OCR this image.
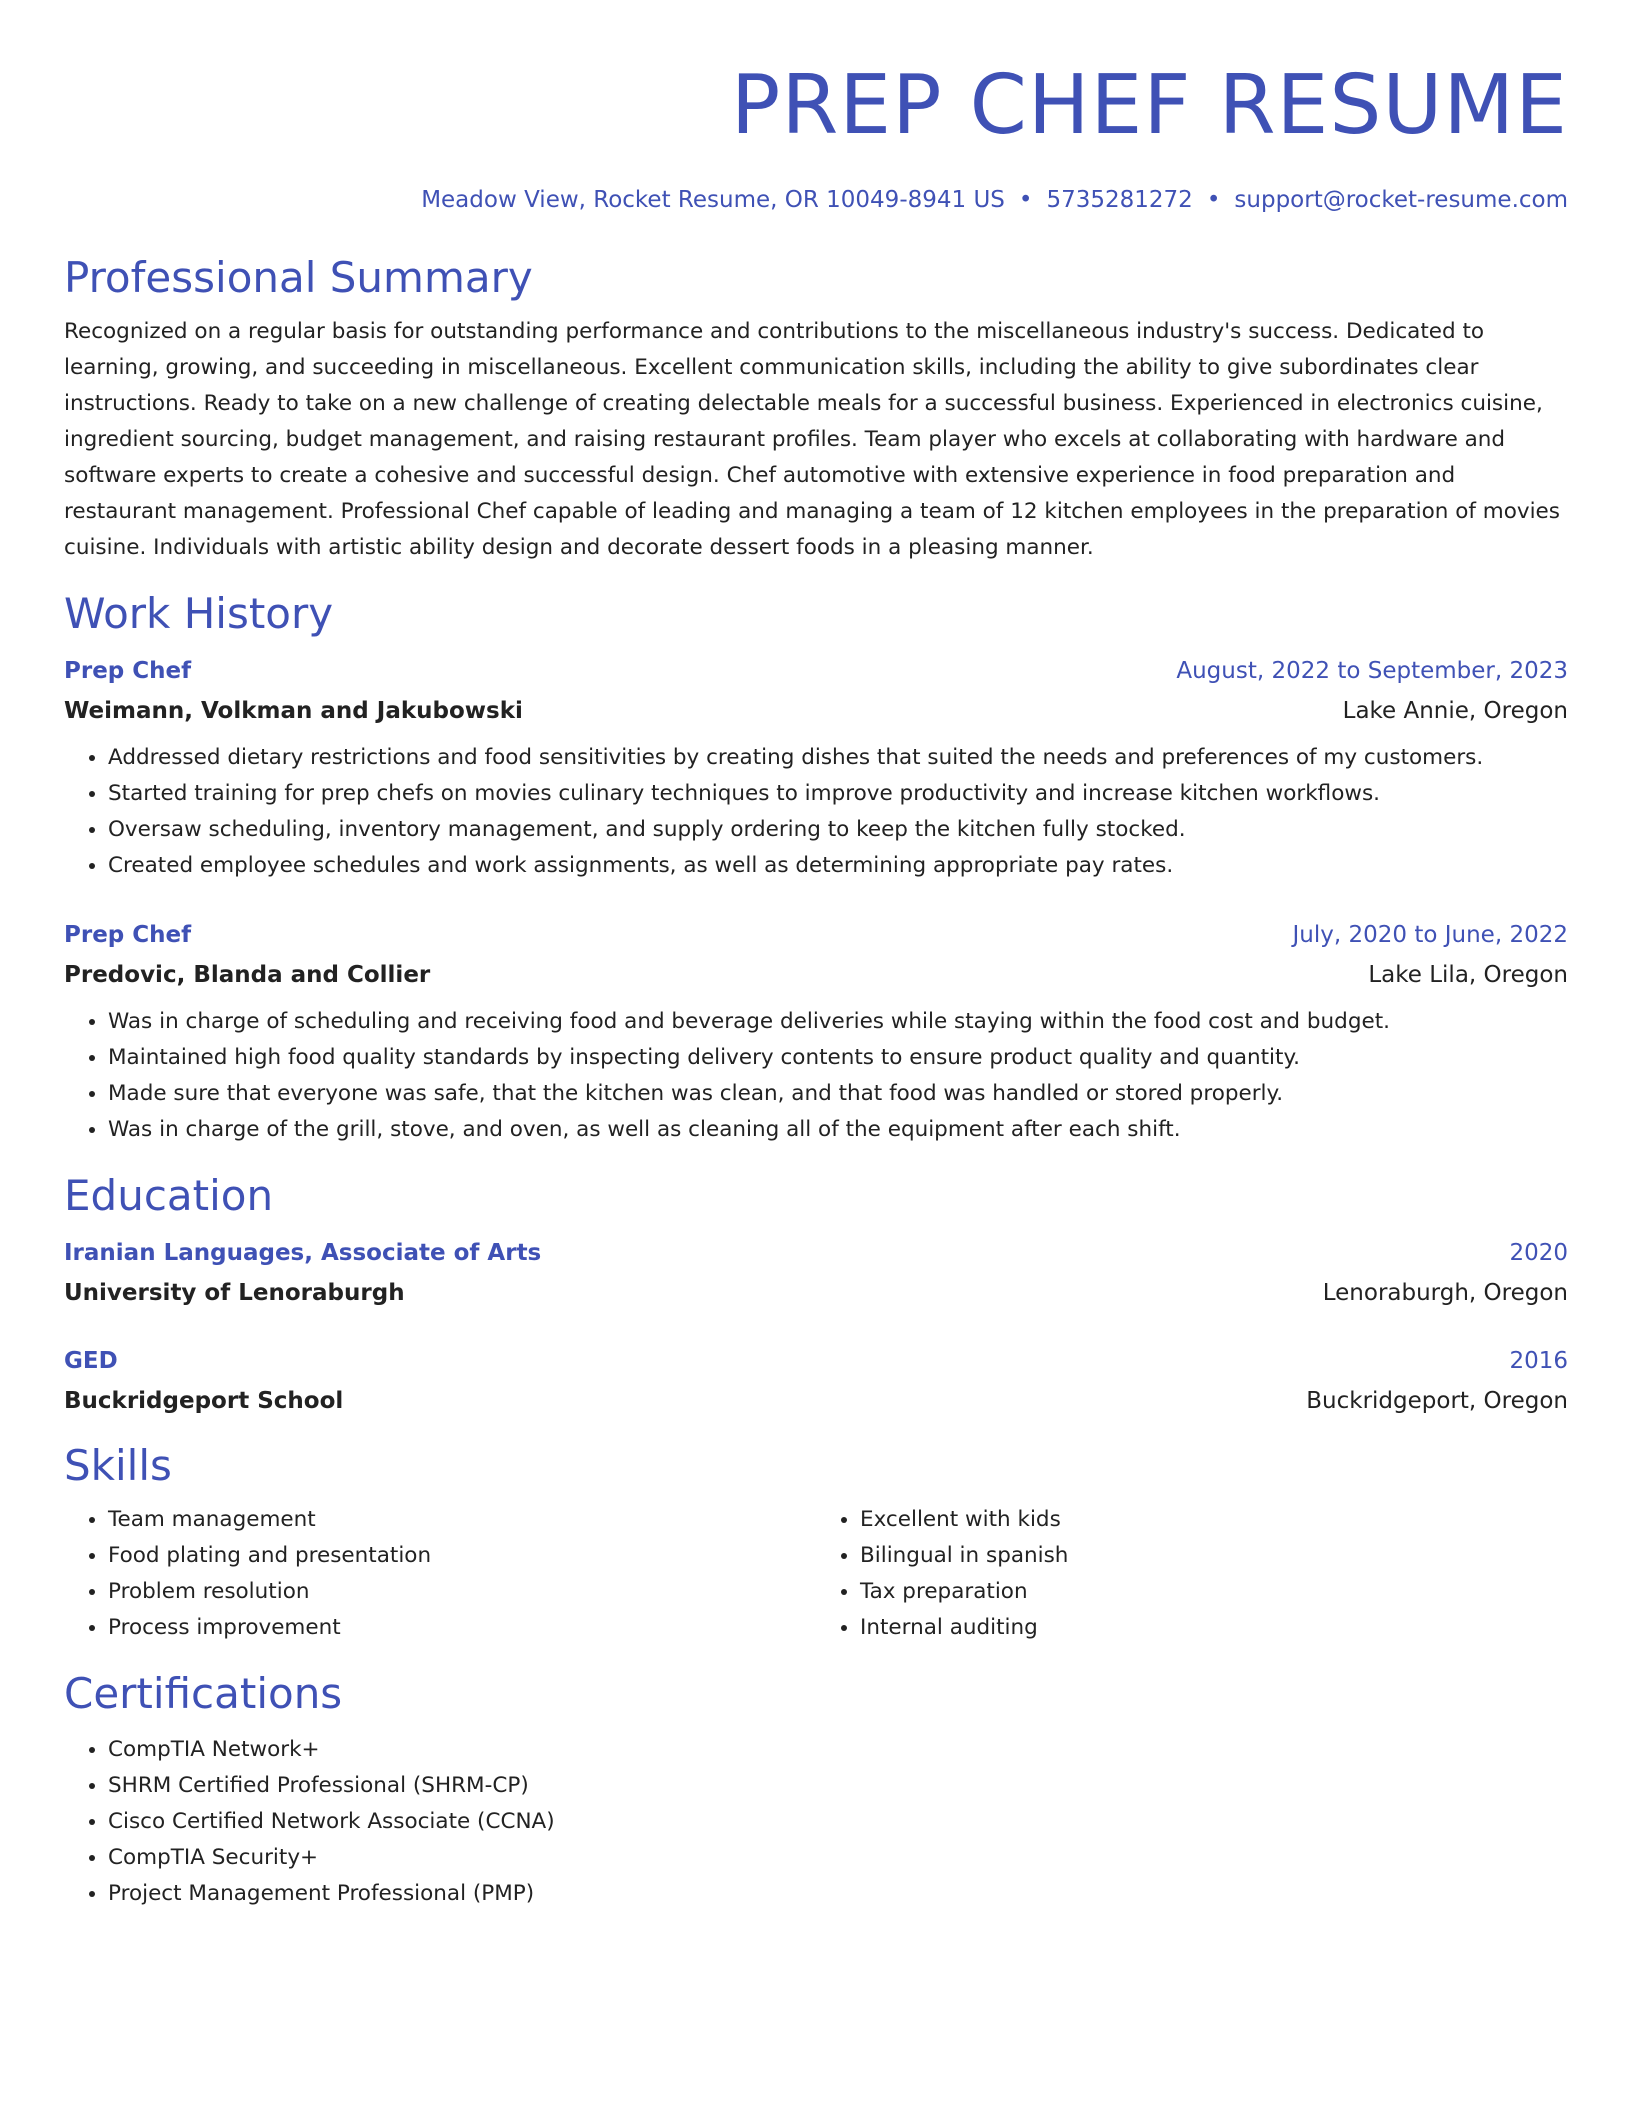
PREP CHEF RESUME
Meadow View, Rocket Resume, OR 10049-8941 US • 5735281272 • support@rocket-resume.com
Professional Summary

Recognized on a regular basis for outstanding performance and contributions to the miscellaneous industry's success. Dedicated to learning, growing, and succeeding in miscellaneous. Excellent communication skills, including the ability to give subordinates clear instructions. Ready to take on a new challenge of creating delectable meals for a successful business. Experienced in electronics cuisine, ingredient sourcing, budget management, and raising restaurant profiles. Team player who excels at collaborating with hardware and software experts to create a cohesive and successful design. Chef automotive with extensive experience in food preparation and restaurant management. Professional Chef capable of leading and managing a team of 12 kitchen employees in the preparation of movies cuisine. Individuals with artistic ability design and decorate dessert foods in a pleasing manner.

Work History
Prep Chef	August, 2022 to September, 2023
Weimann, Volkman and Jakubowski	Lake Annie, Oregon
• Addressed dietary restrictions and food sensitivities by creating dishes that suited the needs and preferences of my customers.
• Started training for prep chefs on movies culinary techniques to improve productivity and increase kitchen workflows.
• Oversaw scheduling, inventory management, and supply ordering to keep the kitchen fully stocked.
• Created employee schedules and work assignments, as well as determining appropriate pay rates.
Prep Chef	July, 2020 to June, 2022
Predovic, Blanda and Collier	Lake Lila, Oregon
• Was in charge of scheduling and receiving food and beverage deliveries while staying within the food cost and budget.
• Maintained high food quality standards by inspecting delivery contents to ensure product quality and quantity.
• Made sure that everyone was safe, that the kitchen was clean, and that food was handled or stored properly.
• Was in charge of the grill, stove, and oven, as well as cleaning all of the equipment after each shift.
Education
Iranian Languages, Associate of Arts	2020
University of Lenoraburgh	Lenoraburgh, Oregon
GED	2016
Buckridgeport School	Buckridgeport, Oregon
Skills
• Team management
• Food plating and presentation
• Problem resolution
• Process improvement
• Excellent with kids
• Bilingual in spanish
• Tax preparation
• Internal auditing
Certifications
• CompTIA Network+
• SHRM Certified Professional (SHRM-CP)
• Cisco Certified Network Associate (CCNA)
• CompTIA Security+
• Project Management Professional (PMP)
